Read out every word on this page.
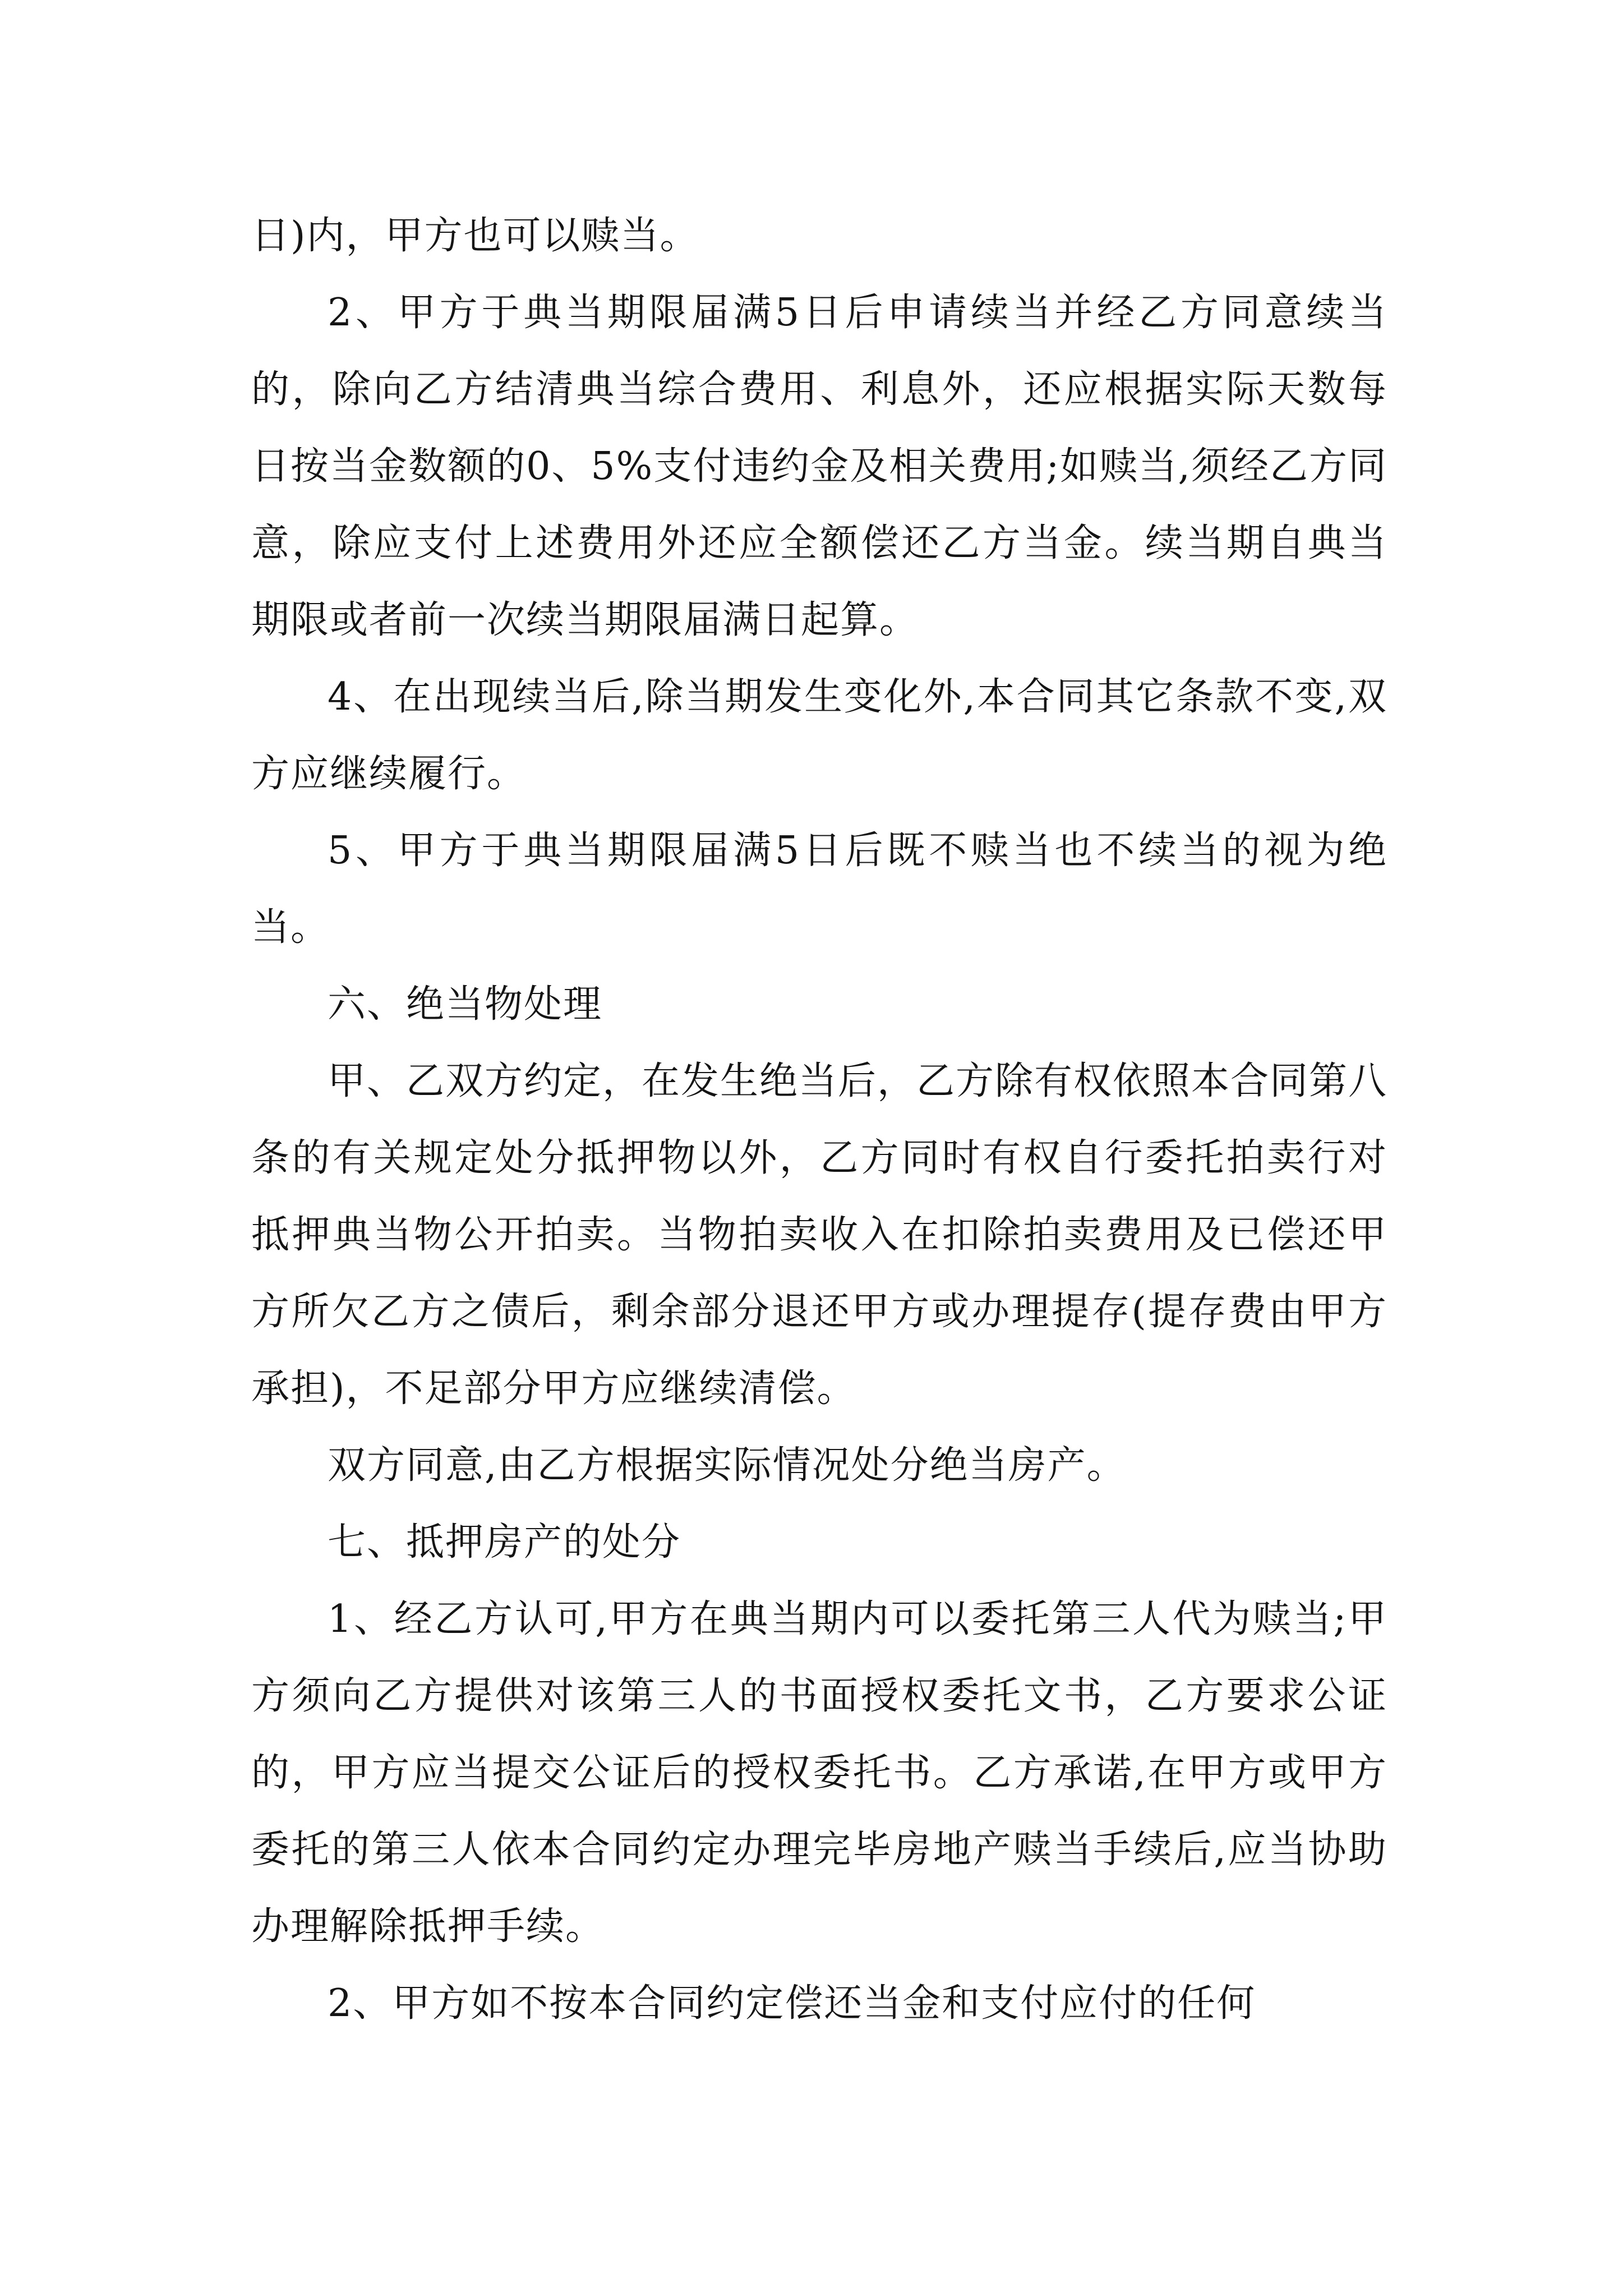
日)内，甲方也可以赎当。

2、甲方于典当期限届满5日后申请续当并经乙方同意续当的，除向乙方结清典当综合费用、利息外，还应根据实际天数每日按当金数额的0、5%支付违约金及相关费用;如赎当,须经乙方同意，除应支付上述费用外还应全额偿还乙方当金。续当期自典当期限或者前一次续当期限届满日起算。

4、在出现续当后,除当期发生变化外,本合同其它条款不变,双方应继续履行。

5、甲方于典当期限届满5日后既不赎当也不续当的视为绝当。

六、绝当物处理

甲、乙双方约定，在发生绝当后，乙方除有权依照本合同第八条的有关规定处分抵押物以外，乙方同时有权自行委托拍卖行对抵押典当物公开拍卖。当物拍卖收入在扣除拍卖费用及已偿还甲方所欠乙方之债后，剩余部分退还甲方或办理提存(提存费由甲方承担)，不足部分甲方应继续清偿。

双方同意,由乙方根据实际情况处分绝当房产。

七、抵押房产的处分

1、经乙方认可,甲方在典当期内可以委托第三人代为赎当;甲方须向乙方提供对该第三人的书面授权委托文书，乙方要求公证的，甲方应当提交公证后的授权委托书。乙方承诺,在甲方或甲方委托的第三人依本合同约定办理完毕房地产赎当手续后,应当协助办理解除抵押手续。

2、甲方如不按本合同约定偿还当金和支付应付的任何
